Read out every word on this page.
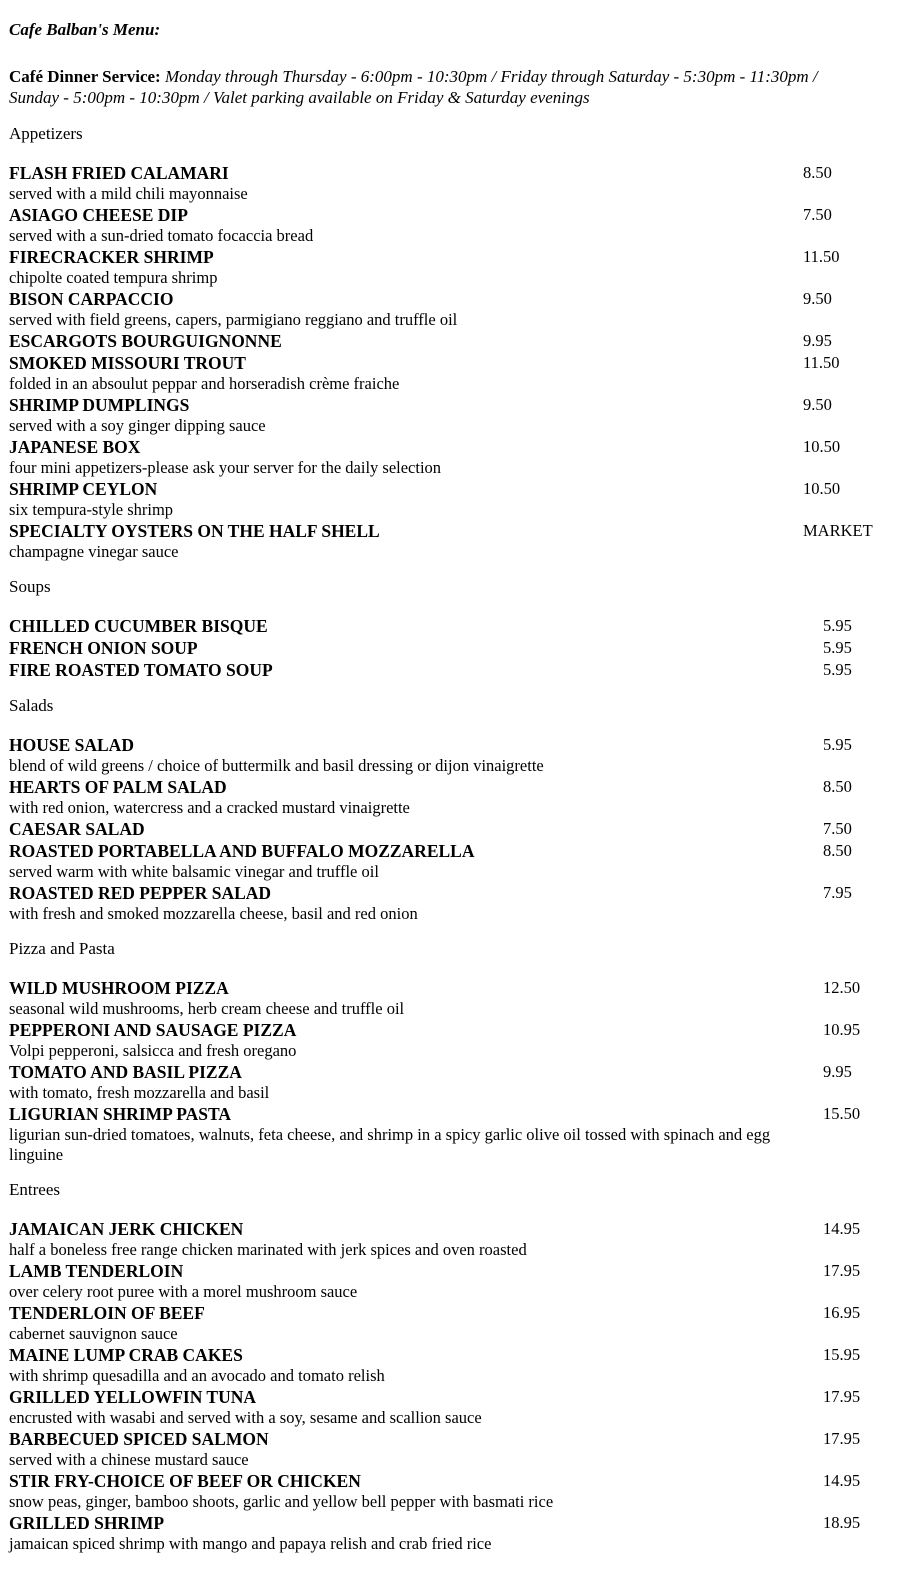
Cafe Balban's Menu:
Café Dinner Service: Monday through Thursday - 6:00pm - 10:30pm / Friday through Saturday - 5:30pm - 11:30pm / Sunday - 5:00pm - 10:30pm / Valet parking available on Friday & Saturday evenings
Appetizers
FLASH FRIED CALAMARI
served with a mild chili mayonnaise	8.50

ASIAGO CHEESE DIP
served with a sun-dried tomato focaccia bread	7.50

FIRECRACKER SHRIMP
chipolte coated tempura shrimp	11.50

BISON CARPACCIO
served with field greens, capers, parmigiano reggiano and truffle oil	9.50

ESCARGOTS BOURGUIGNONNE	9.95

SMOKED MISSOURI TROUT
folded in an absoulut peppar and horseradish crème fraiche	11.50

SHRIMP DUMPLINGS
served with a soy ginger dipping sauce	9.50

JAPANESE BOX
four mini appetizers-please ask your server for the daily selection	10.50

SHRIMP CEYLON
six tempura-style shrimp	10.50

SPECIALTY OYSTERS ON THE HALF SHELL
champagne vinegar sauce	MARKET
Soups
CHILLED CUCUMBER BISQUE	5.95

FRENCH ONION SOUP	5.95

FIRE ROASTED TOMATO SOUP	5.95
Salads
HOUSE SALAD
blend of wild greens / choice of buttermilk and basil dressing or dijon vinaigrette	5.95

HEARTS OF PALM SALAD
with red onion, watercress and a cracked mustard vinaigrette	8.50

CAESAR SALAD	7.50

ROASTED PORTABELLA AND BUFFALO MOZZARELLA
served warm with white balsamic vinegar and truffle oil	8.50

ROASTED RED PEPPER SALAD
with fresh and smoked mozzarella cheese, basil and red onion	7.95
Pizza and Pasta
WILD MUSHROOM PIZZA
seasonal wild mushrooms, herb cream cheese and truffle oil	12.50

PEPPERONI AND SAUSAGE PIZZA
Volpi pepperoni, salsicca and fresh oregano	10.95

TOMATO AND BASIL PIZZA
with tomato, fresh mozzarella and basil	9.95

LIGURIAN SHRIMP PASTA
ligurian sun-dried tomatoes, walnuts, feta cheese, and shrimp in a spicy garlic olive oil tossed with spinach and egg linguine	15.50
Entrees
JAMAICAN JERK CHICKEN
half a boneless free range chicken marinated with jerk spices and oven roasted	14.95

LAMB TENDERLOIN
over celery root puree with a morel mushroom sauce	17.95

TENDERLOIN OF BEEF
cabernet sauvignon sauce	16.95

MAINE LUMP CRAB CAKES
with shrimp quesadilla and an avocado and tomato relish	15.95

GRILLED YELLOWFIN TUNA
encrusted with wasabi and served with a soy, sesame and scallion sauce	17.95

BARBECUED SPICED SALMON
served with a chinese mustard sauce	17.95

STIR FRY-CHOICE OF BEEF OR CHICKEN
snow peas, ginger, bamboo shoots, garlic and yellow bell pepper with basmati rice	14.95

GRILLED SHRIMP
jamaican spiced shrimp with mango and papaya relish and crab fried rice	18.95
